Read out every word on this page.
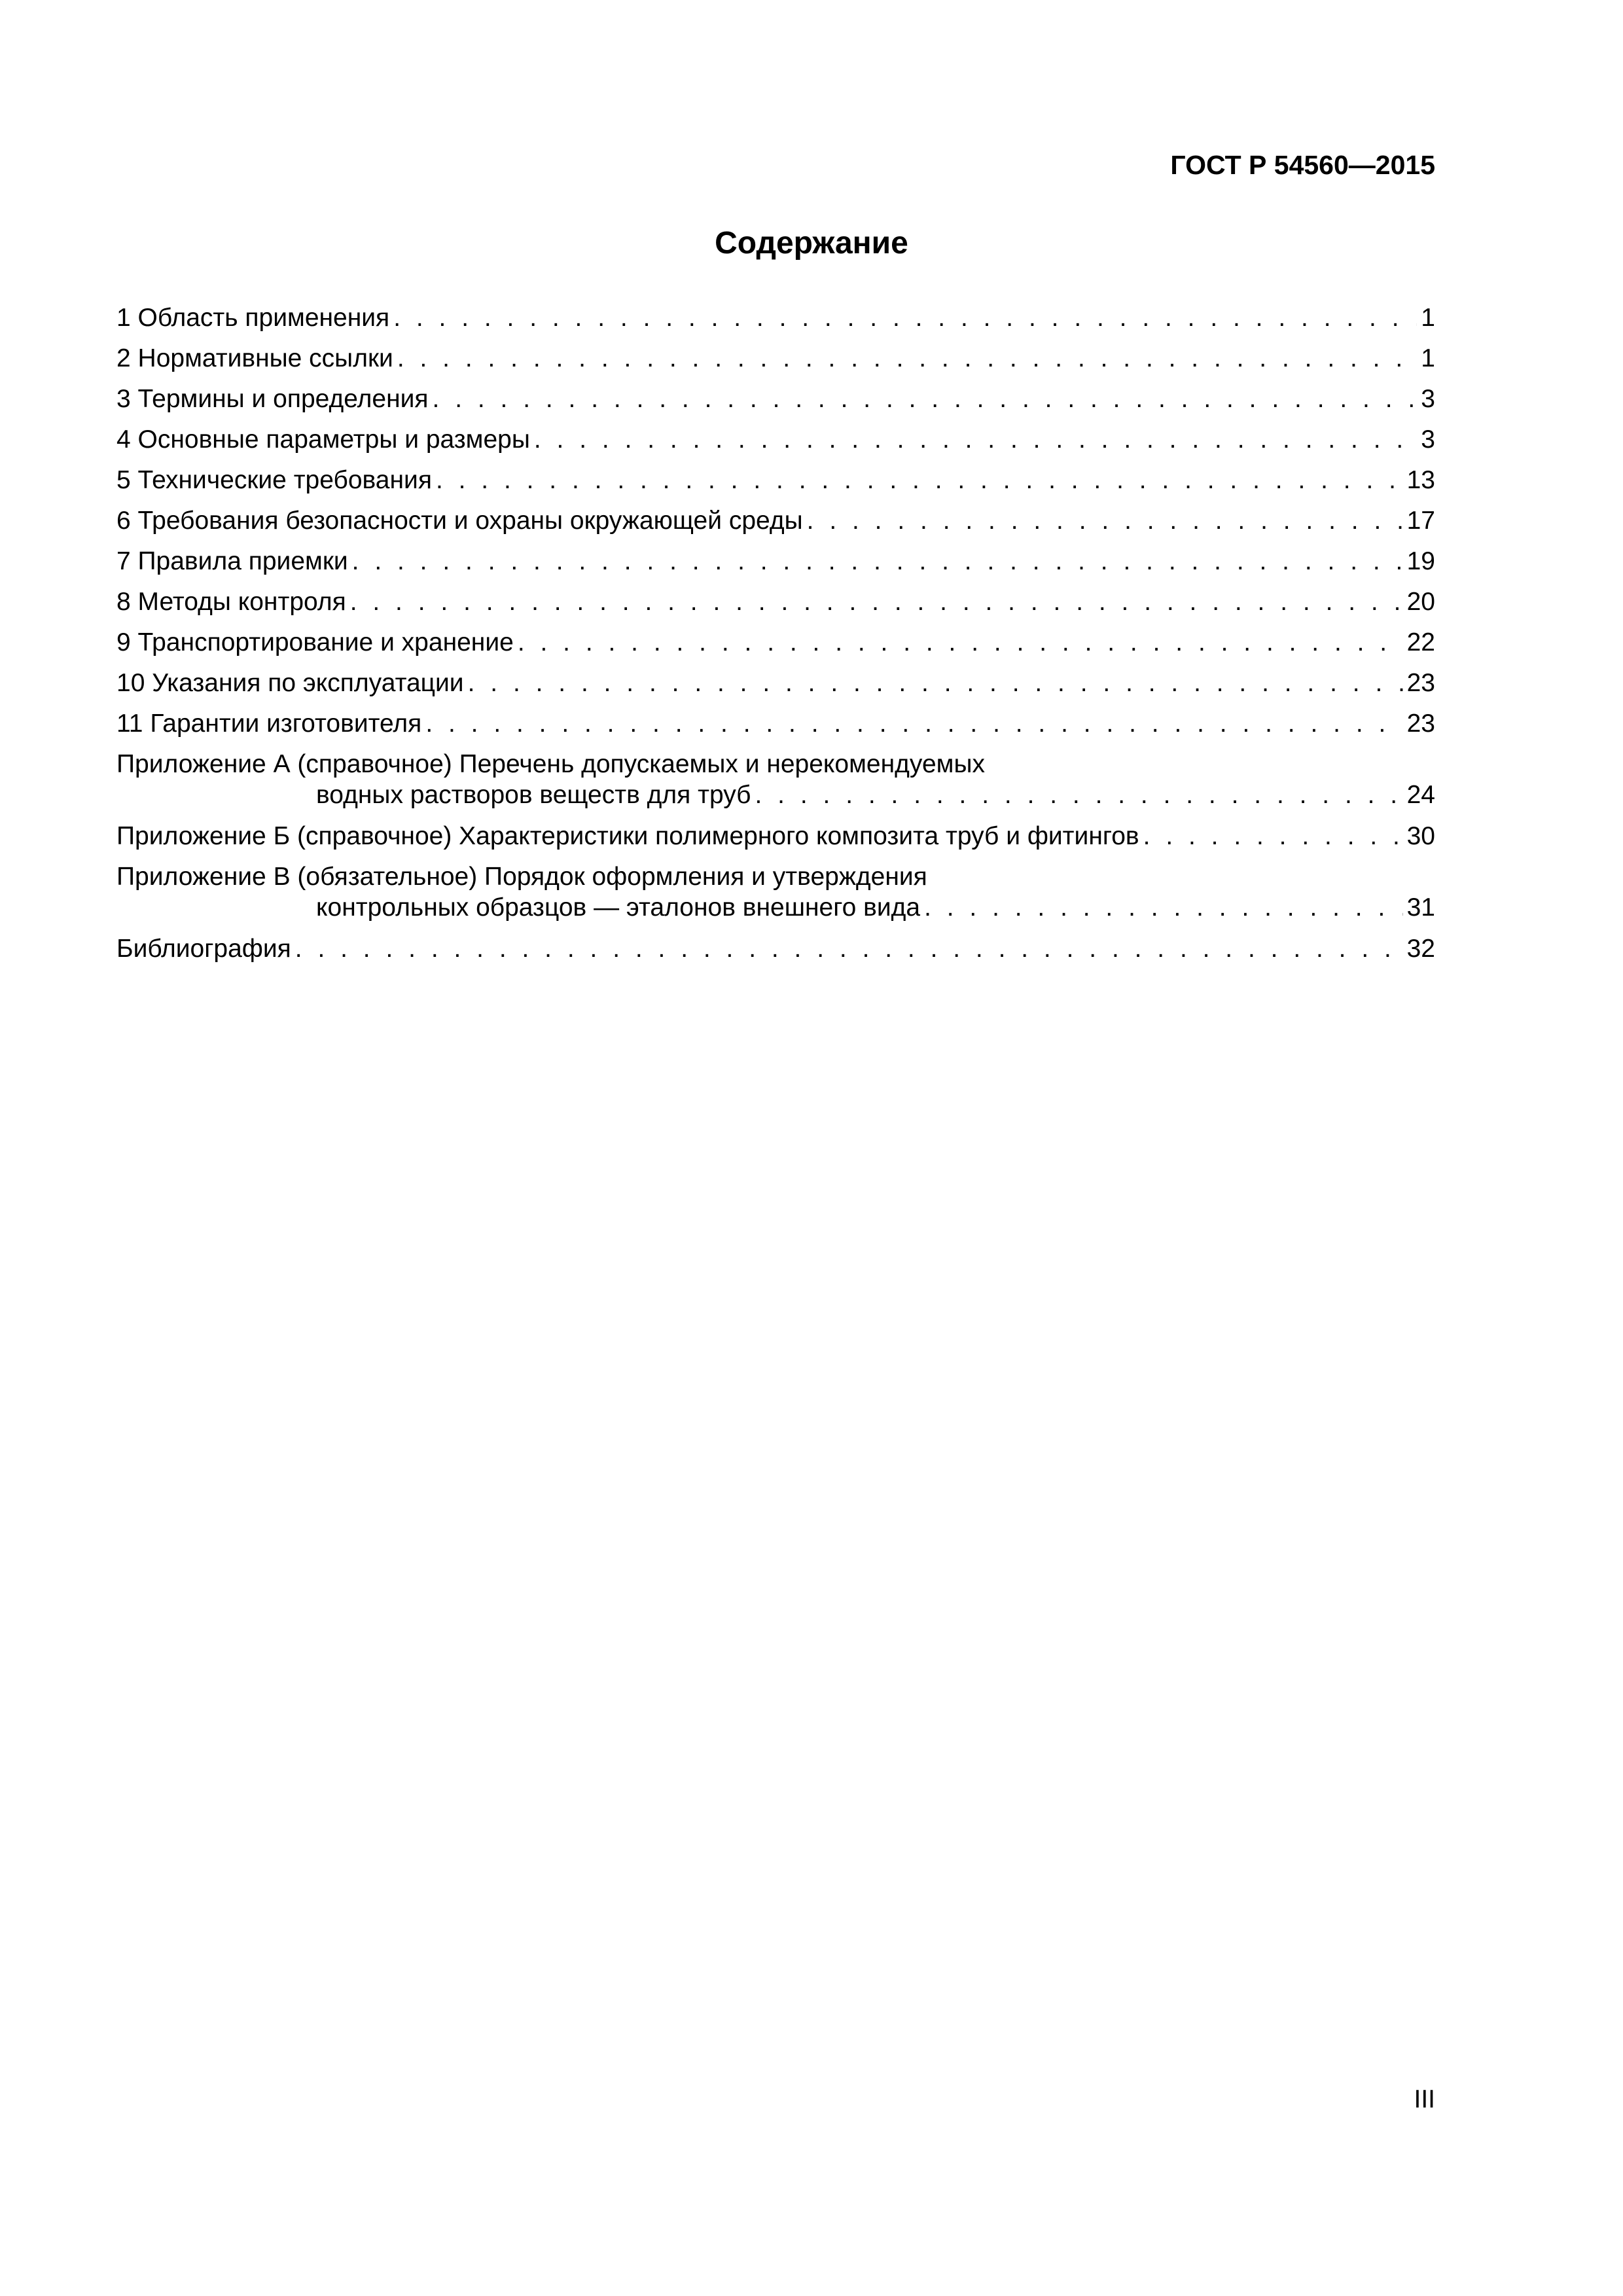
ГОСТ Р 54560—2015
Содержание
1 Область применения . . .	1
2 Нормативные ссылки . . .	1
3 Термины и определения . . .	3
4 Основные параметры и размеры . . .	3
5 Технические требования . . .	13
6 Требования безопасности и охраны окружающей среды . . .	17
7 Правила приемки . . .	19
8 Методы контроля . . .	20
9 Транспортирование и хранение . . .	22
10 Указания по эксплуатации . . .	23
11 Гарантии изготовителя . . .	23
Приложение А (справочное) Перечень допускаемых и нерекомендуемых
водных растворов веществ для труб . . .	24
Приложение Б (справочное) Характеристики полимерного композита труб и фитингов . . .	30
Приложение В (обязательное) Порядок оформления и утверждения
контрольных образцов — эталонов внешнего вида . . .	31
Библиография . . .	32
III
